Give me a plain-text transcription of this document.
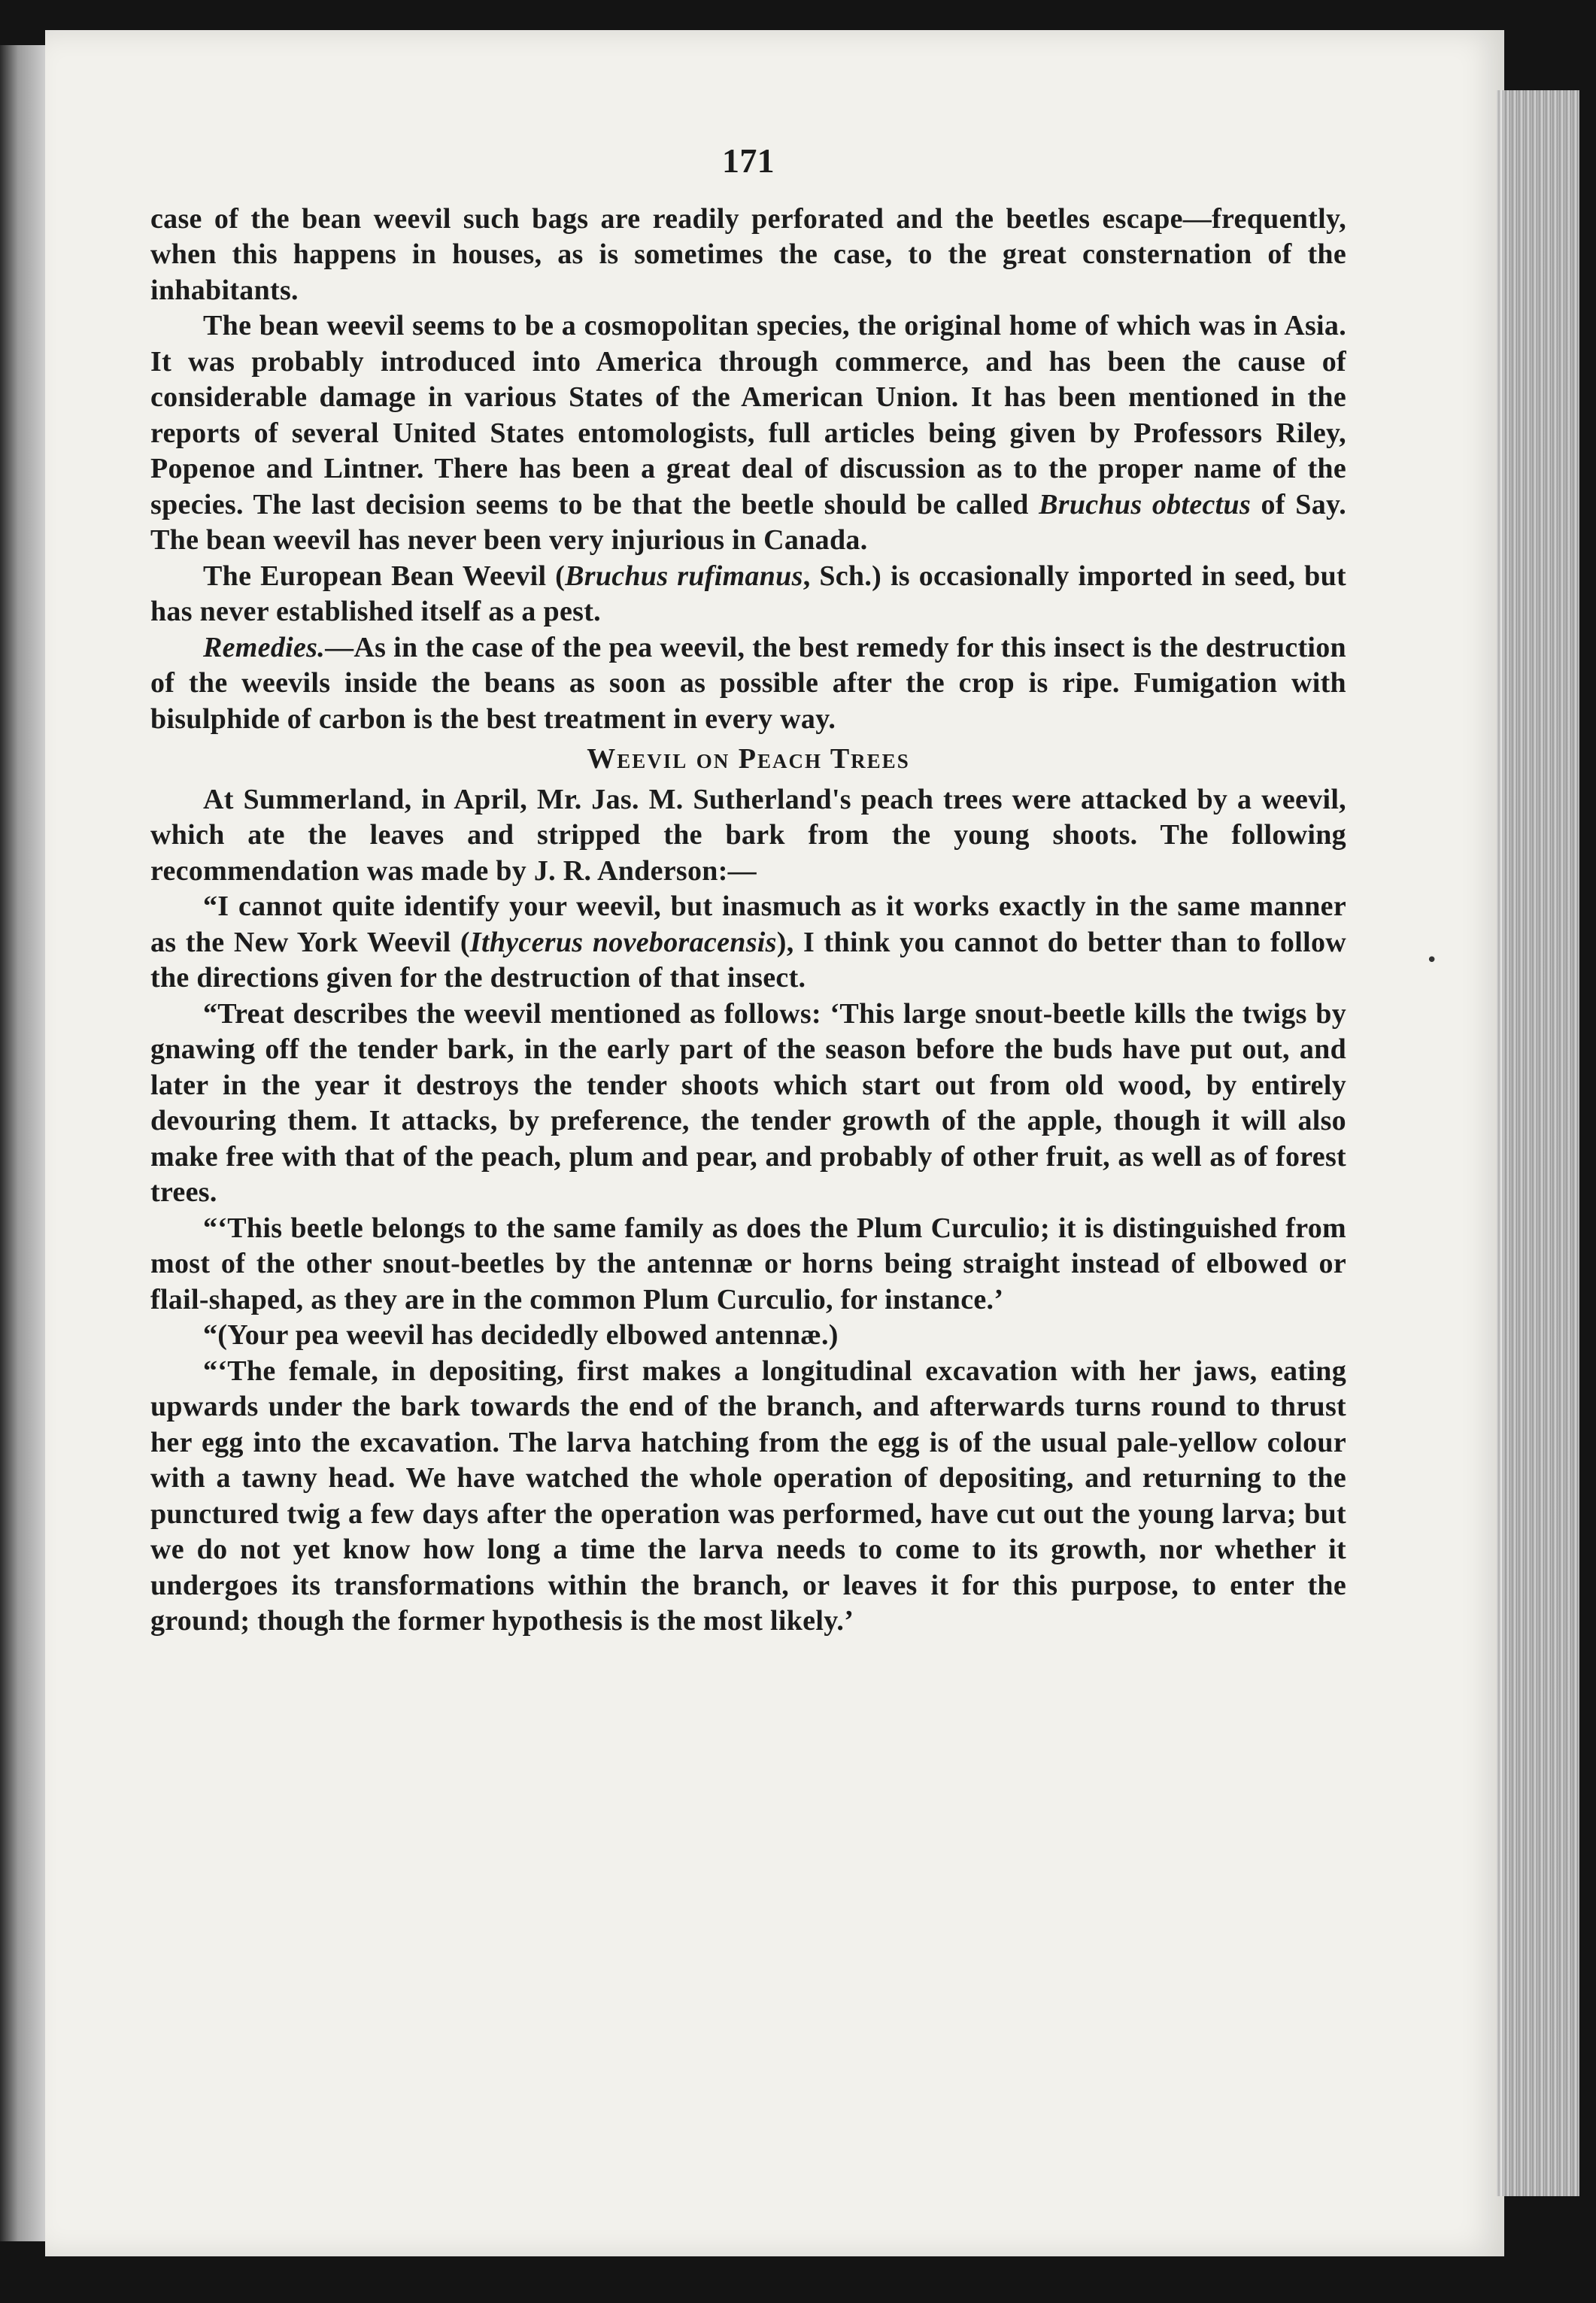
171

case of the bean weevil such bags are readily perforated and the beetles escape—frequently, when this happens in houses, as is sometimes the case, to the great consternation of the inhabitants.

The bean weevil seems to be a cosmopolitan species, the original home of which was in Asia. It was probably introduced into America through commerce, and has been the cause of considerable damage in various States of the American Union. It has been mentioned in the reports of several United States entomologists, full articles being given by Professors Riley, Popenoe and Lintner. There has been a great deal of discussion as to the proper name of the species. The last decision seems to be that the beetle should be called Bruchus obtectus of Say. The bean weevil has never been very injurious in Canada.

The European Bean Weevil (Bruchus rufimanus, Sch.) is occasionally imported in seed, but has never established itself as a pest.

Remedies.—As in the case of the pea weevil, the best remedy for this insect is the destruction of the weevils inside the beans as soon as possible after the crop is ripe. Fumigation with bisulphide of carbon is the best treatment in every way.

Weevil on Peach Trees

At Summerland, in April, Mr. Jas. M. Sutherland's peach trees were attacked by a weevil, which ate the leaves and stripped the bark from the young shoots. The following recommendation was made by J. R. Anderson:—

“I cannot quite identify your weevil, but inasmuch as it works exactly in the same manner as the New York Weevil (Ithycerus noveboracensis), I think you cannot do better than to follow the directions given for the destruction of that insect.

“Treat describes the weevil mentioned as follows: ‘This large snout-beetle kills the twigs by gnawing off the tender bark, in the early part of the season before the buds have put out, and later in the year it destroys the tender shoots which start out from old wood, by entirely devouring them. It attacks, by preference, the tender growth of the apple, though it will also make free with that of the peach, plum and pear, and probably of other fruit, as well as of forest trees.

“‘This beetle belongs to the same family as does the Plum Curculio; it is distinguished from most of the other snout-beetles by the antennæ or horns being straight instead of elbowed or flail-shaped, as they are in the common Plum Curculio, for instance.’

“(Your pea weevil has decidedly elbowed antennæ.)

“‘The female, in depositing, first makes a longitudinal excavation with her jaws, eating upwards under the bark towards the end of the branch, and afterwards turns round to thrust her egg into the excavation. The larva hatching from the egg is of the usual pale-yellow colour with a tawny head. We have watched the whole operation of depositing, and returning to the punctured twig a few days after the operation was performed, have cut out the young larva; but we do not yet know how long a time the larva needs to come to its growth, nor whether it undergoes its transformations within the branch, or leaves it for this purpose, to enter the ground; though the former hypothesis is the most likely.’

•
